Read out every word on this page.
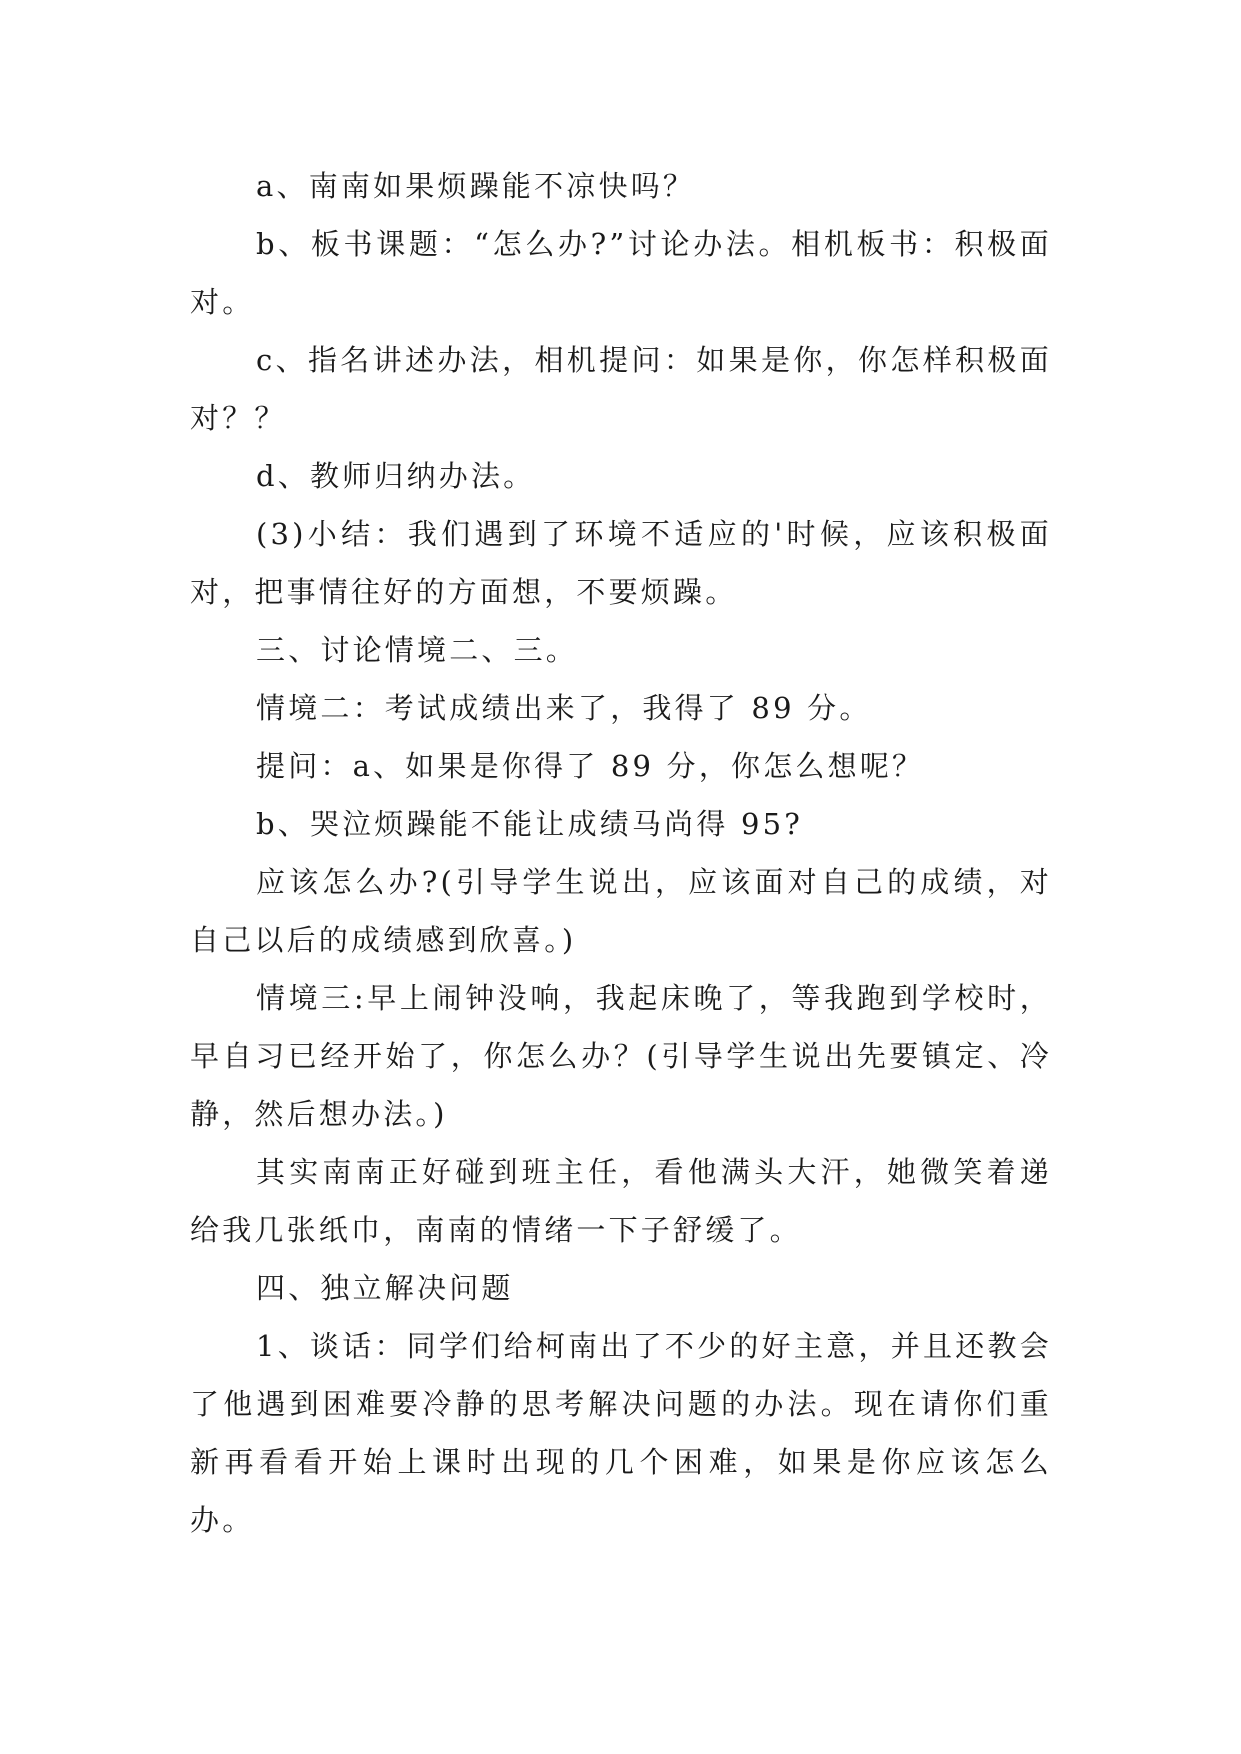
a、南南如果烦躁能不凉快吗？

b、板书课题：“怎么办?”讨论办法。相机板书：积极面对。

c、指名讲述办法，相机提问：如果是你，你怎样积极面对？？

d、教师归纳办法。

(3)小结：我们遇到了环境不适应的'时候，应该积极面对，把事情往好的方面想，不要烦躁。

三、讨论情境二、三。

情境二：考试成绩出来了，我得了 89 分。

提问：a、如果是你得了 89 分，你怎么想呢？

b、哭泣烦躁能不能让成绩马尚得 95?

应该怎么办?(引导学生说出，应该面对自己的成绩，对自己以后的成绩感到欣喜。)

情境三:早上闹钟没响，我起床晚了，等我跑到学校时，早自习已经开始了，你怎么办？(引导学生说出先要镇定、冷静，然后想办法。)

其实南南正好碰到班主任，看他满头大汗，她微笑着递给我几张纸巾，南南的情绪一下子舒缓了。

四、独立解决问题

1、谈话：同学们给柯南出了不少的好主意，并且还教会了他遇到困难要冷静的思考解决问题的办法。现在请你们重新再看看开始上课时出现的几个困难，如果是你应该怎么办。
